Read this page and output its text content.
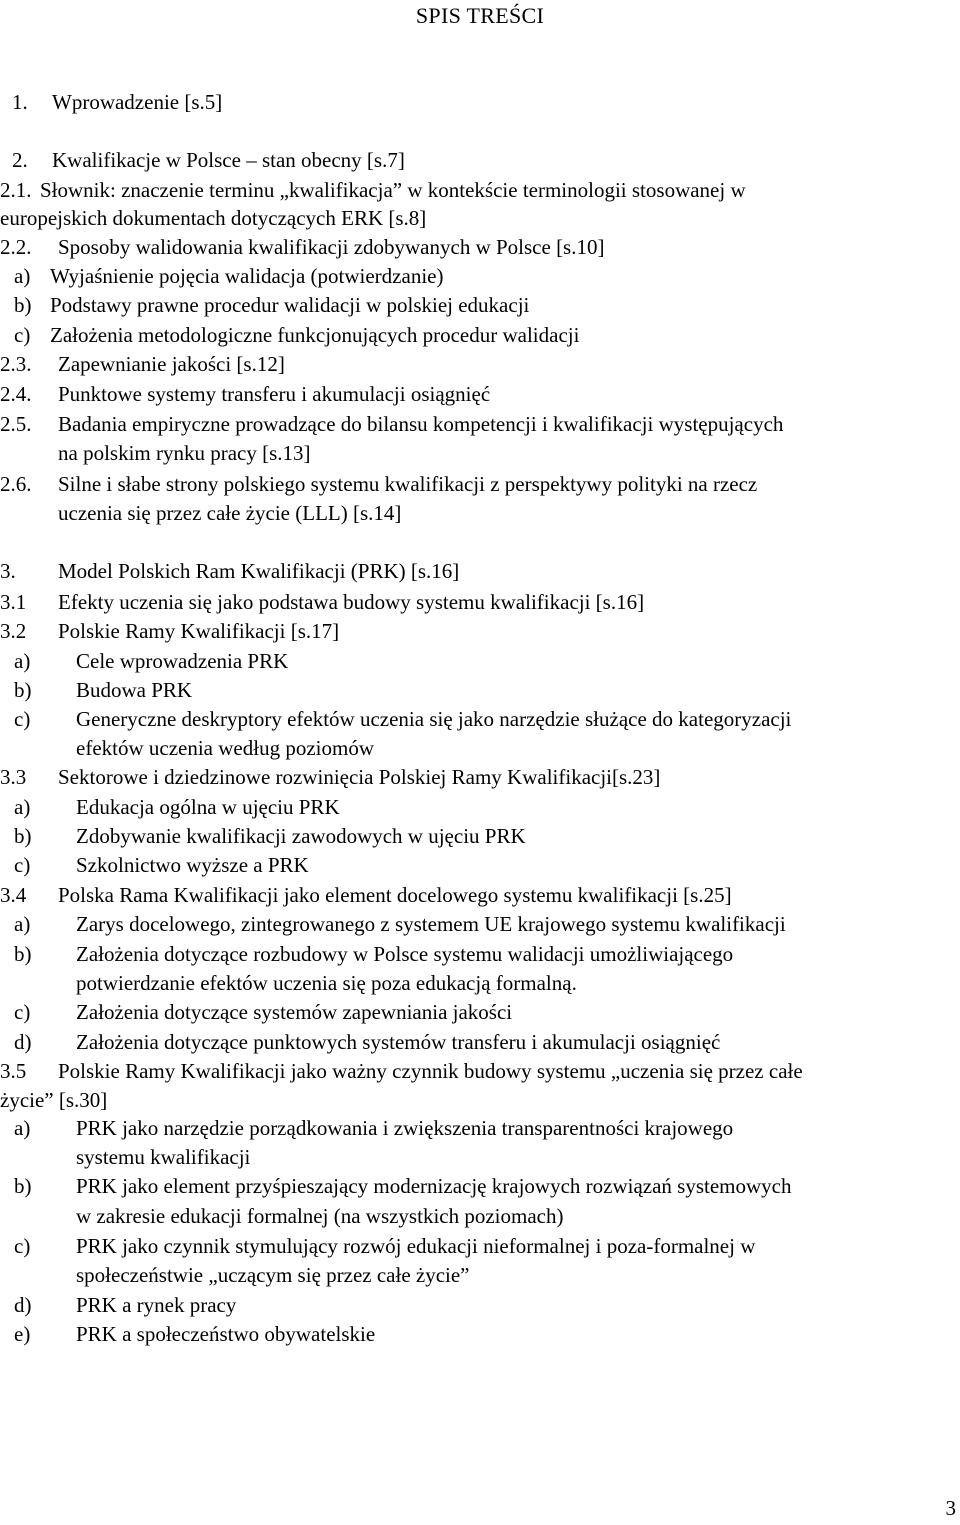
SPIS TREŚCI
1. Wprowadzenie [s.5]
2. Kwalifikacje w Polsce – stan obecny [s.7]
2.1. Słownik: znaczenie terminu „kwalifikacja” w kontekście terminologii stosowanej w
europejskich dokumentach dotyczących ERK [s.8]
2.2. Sposoby walidowania kwalifikacji zdobywanych w Polsce [s.10]
a) Wyjaśnienie pojęcia walidacja (potwierdzanie)
b) Podstawy prawne procedur walidacji w polskiej edukacji
c) Założenia metodologiczne funkcjonujących procedur walidacji
2.3. Zapewnianie jakości [s.12]
2.4. Punktowe systemy transferu i akumulacji osiągnięć
2.5. Badania empiryczne prowadzące do bilansu kompetencji i kwalifikacji występujących
na polskim rynku pracy [s.13]
2.6. Silne i słabe strony polskiego systemu kwalifikacji z perspektywy polityki na rzecz
uczenia się przez całe życie (LLL) [s.14]
3. Model Polskich Ram Kwalifikacji (PRK) [s.16]
3.1 Efekty uczenia się jako podstawa budowy systemu kwalifikacji [s.16]
3.2 Polskie Ramy Kwalifikacji [s.17]
a) Cele wprowadzenia PRK
b) Budowa PRK
c) Generyczne deskryptory efektów uczenia się jako narzędzie służące do kategoryzacji
efektów uczenia według poziomów
3.3 Sektorowe i dziedzinowe rozwinięcia Polskiej Ramy Kwalifikacji[s.23]
a) Edukacja ogólna w ujęciu PRK
b) Zdobywanie kwalifikacji zawodowych w ujęciu PRK
c) Szkolnictwo wyższe a PRK
3.4 Polska Rama Kwalifikacji jako element docelowego systemu kwalifikacji [s.25]
a) Zarys docelowego, zintegrowanego z systemem UE krajowego systemu kwalifikacji
b) Założenia dotyczące rozbudowy w Polsce systemu walidacji umożliwiającego
potwierdzanie efektów uczenia się poza edukacją formalną.
c) Założenia dotyczące systemów zapewniania jakości
d) Założenia dotyczące punktowych systemów transferu i akumulacji osiągnięć
3.5 Polskie Ramy Kwalifikacji jako ważny czynnik budowy systemu „uczenia się przez całe
życie” [s.30]
a) PRK jako narzędzie porządkowania i zwiększenia transparentności krajowego
systemu kwalifikacji
b) PRK jako element przyśpieszający modernizację krajowych rozwiązań systemowych
w zakresie edukacji formalnej (na wszystkich poziomach)
c) PRK jako czynnik stymulujący rozwój edukacji nieformalnej i poza-formalnej w
społeczeństwie „uczącym się przez całe życie”
d) PRK a rynek pracy
e) PRK a społeczeństwo obywatelskie
3
